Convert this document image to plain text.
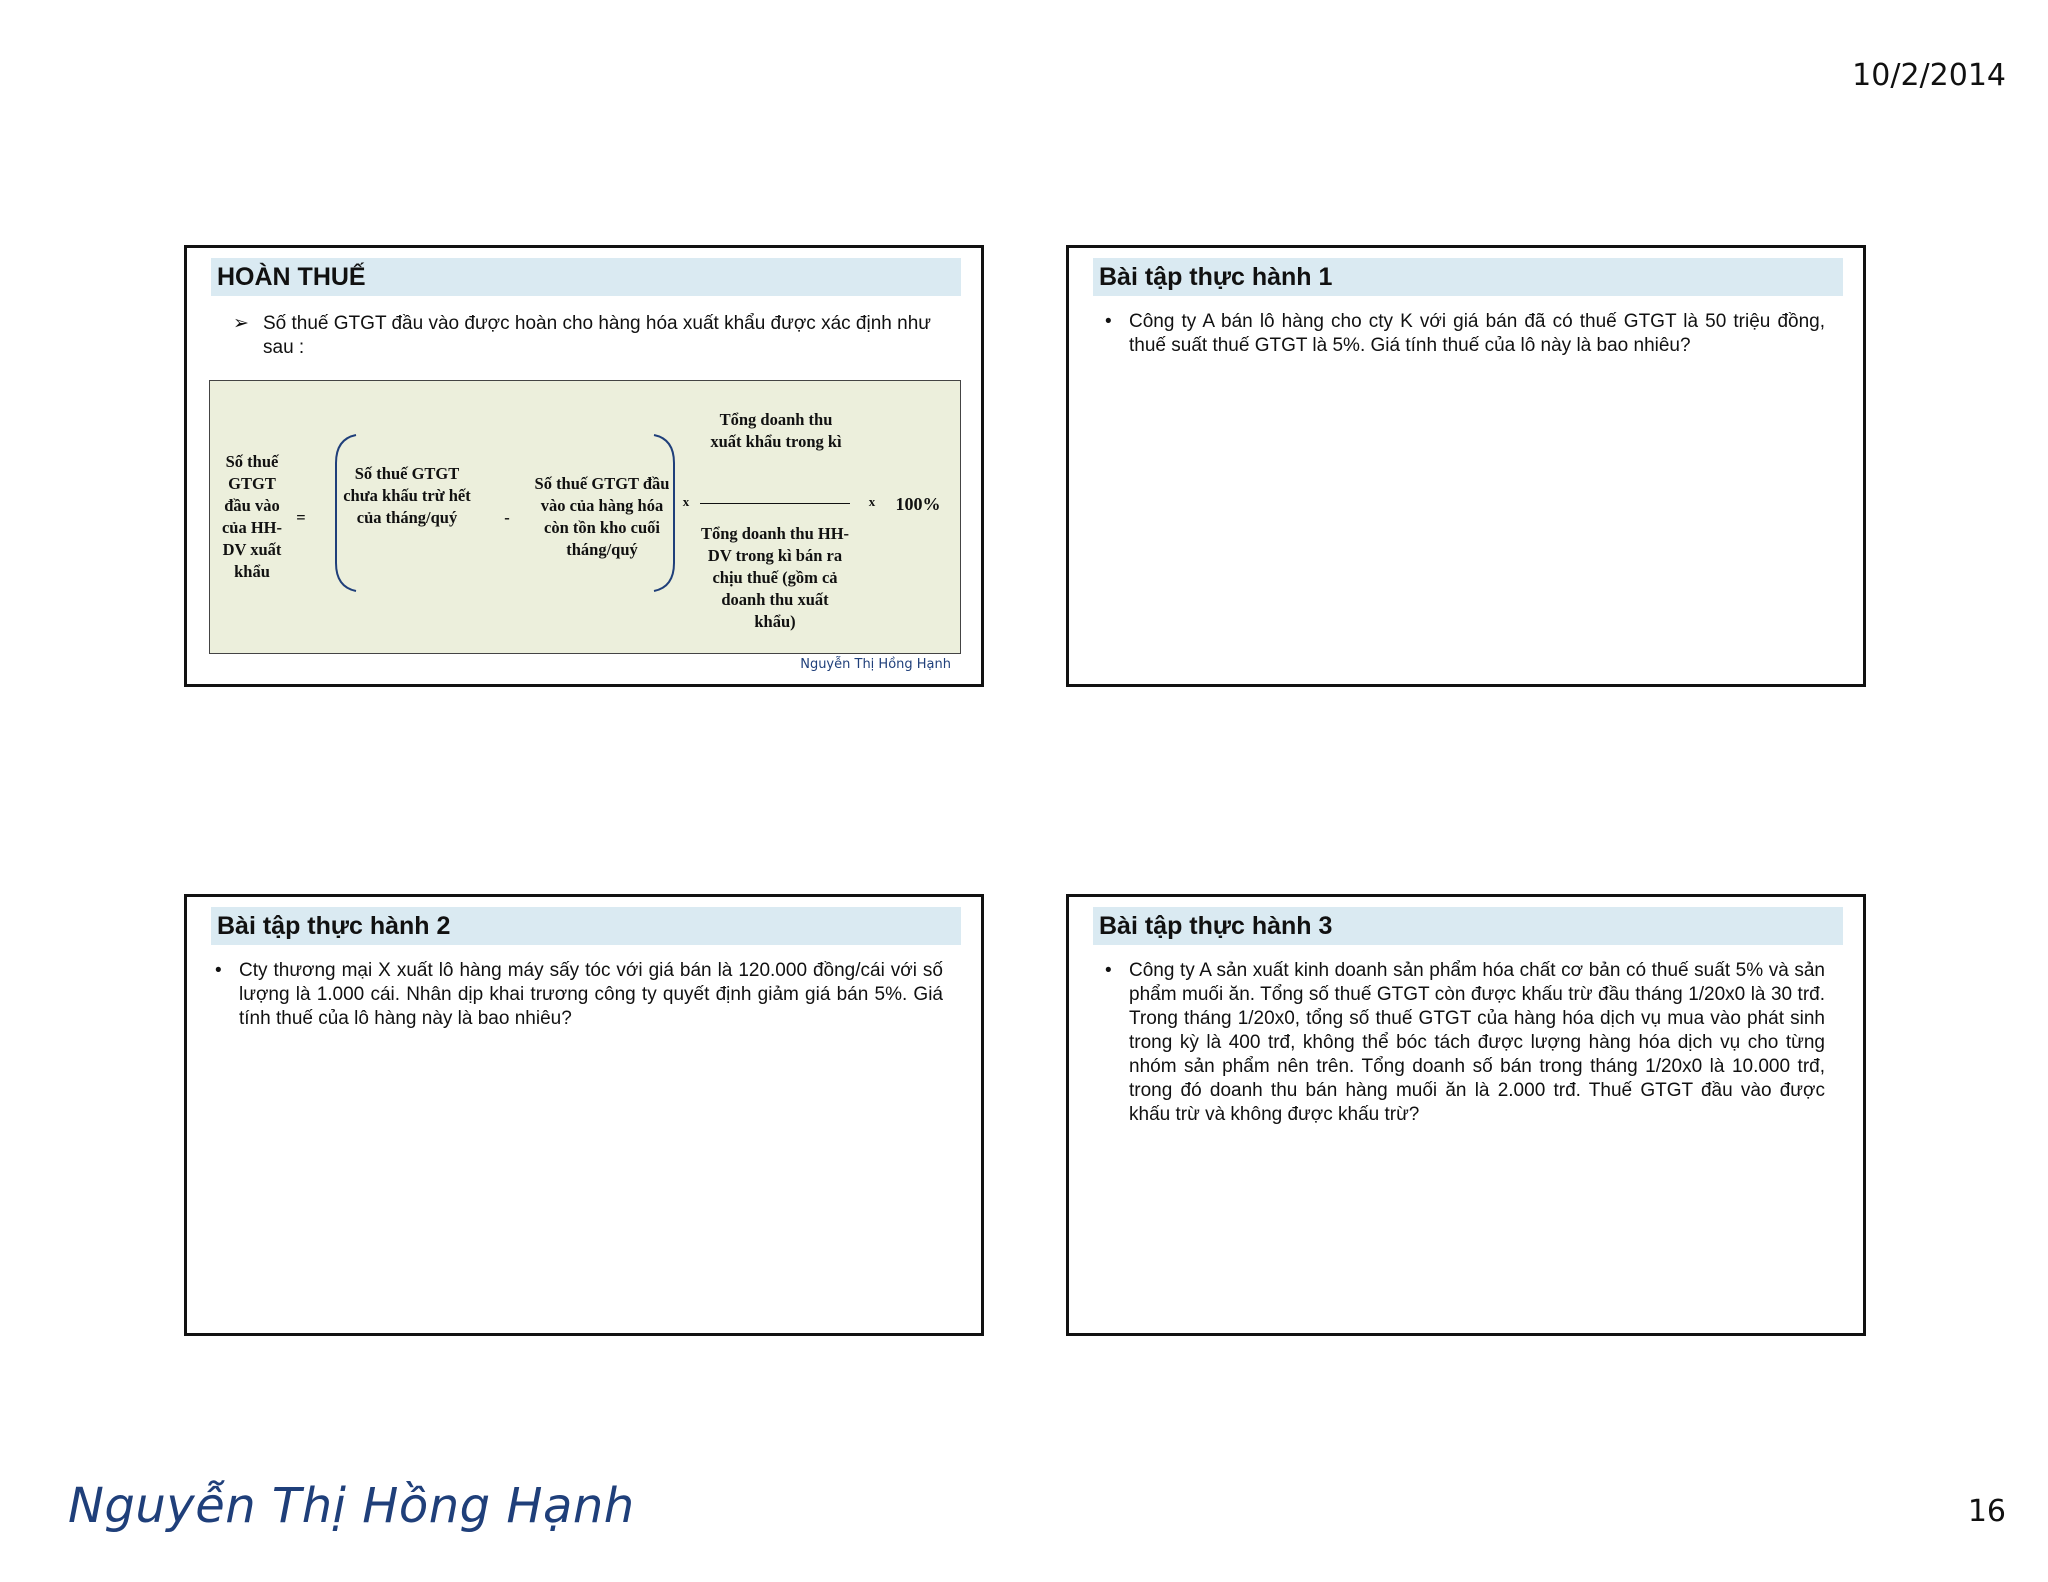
10/2/2014
HOÀN THUẾ
➢ Số thuế GTGT đầu vào được hoàn cho hàng hóa xuất khẩu được xác định như sau :
Số thuế GTGT đầu vào của HH-DV xuất khẩu
=
Số thuế GTGT chưa khấu trừ hết của tháng/quý	-
Số thuế GTGT đầu vào của hàng hóa còn tồn kho cuối tháng/quý
x
Tổng doanh thu xuất khẩu trong kì
Tổng doanh thu HH-DV trong kì bán ra chịu thuế (gồm cả doanh thu xuất khẩu)
x	100%
Nguyễn Thị Hồng Hạnh
Bài tập thực hành 1
• Công ty A bán lô hàng cho cty K với giá bán đã có thuế GTGT là 50 triệu đồng, thuế suất thuế GTGT là 5%. Giá tính thuế của lô này là bao nhiêu?
Bài tập thực hành 2
• Cty thương mại X xuất lô hàng máy sấy tóc với giá bán là 120.000 đồng/cái với số lượng là 1.000 cái. Nhân dịp khai trương công ty quyết định giảm giá bán 5%. Giá tính thuế của lô hàng này là bao nhiêu?
Bài tập thực hành 3
• Công ty A sản xuất kinh doanh sản phẩm hóa chất cơ bản có thuế suất 5% và sản phẩm muối ăn. Tổng số thuế GTGT còn được khấu trừ đầu tháng 1/20x0 là 30 trđ. Trong tháng 1/20x0, tổng số thuế GTGT của hàng hóa dịch vụ mua vào phát sinh trong kỳ là 400 trđ, không thể bóc tách được lượng hàng hóa dịch vụ cho từng nhóm sản phẩm nên trên. Tổng doanh số bán trong tháng 1/20x0 là 10.000 trđ, trong đó doanh thu bán hàng muối ăn là 2.000 trđ. Thuế GTGT đầu vào được khấu trừ và không được khấu trừ?
Nguyễn Thị Hồng Hạnh	16
